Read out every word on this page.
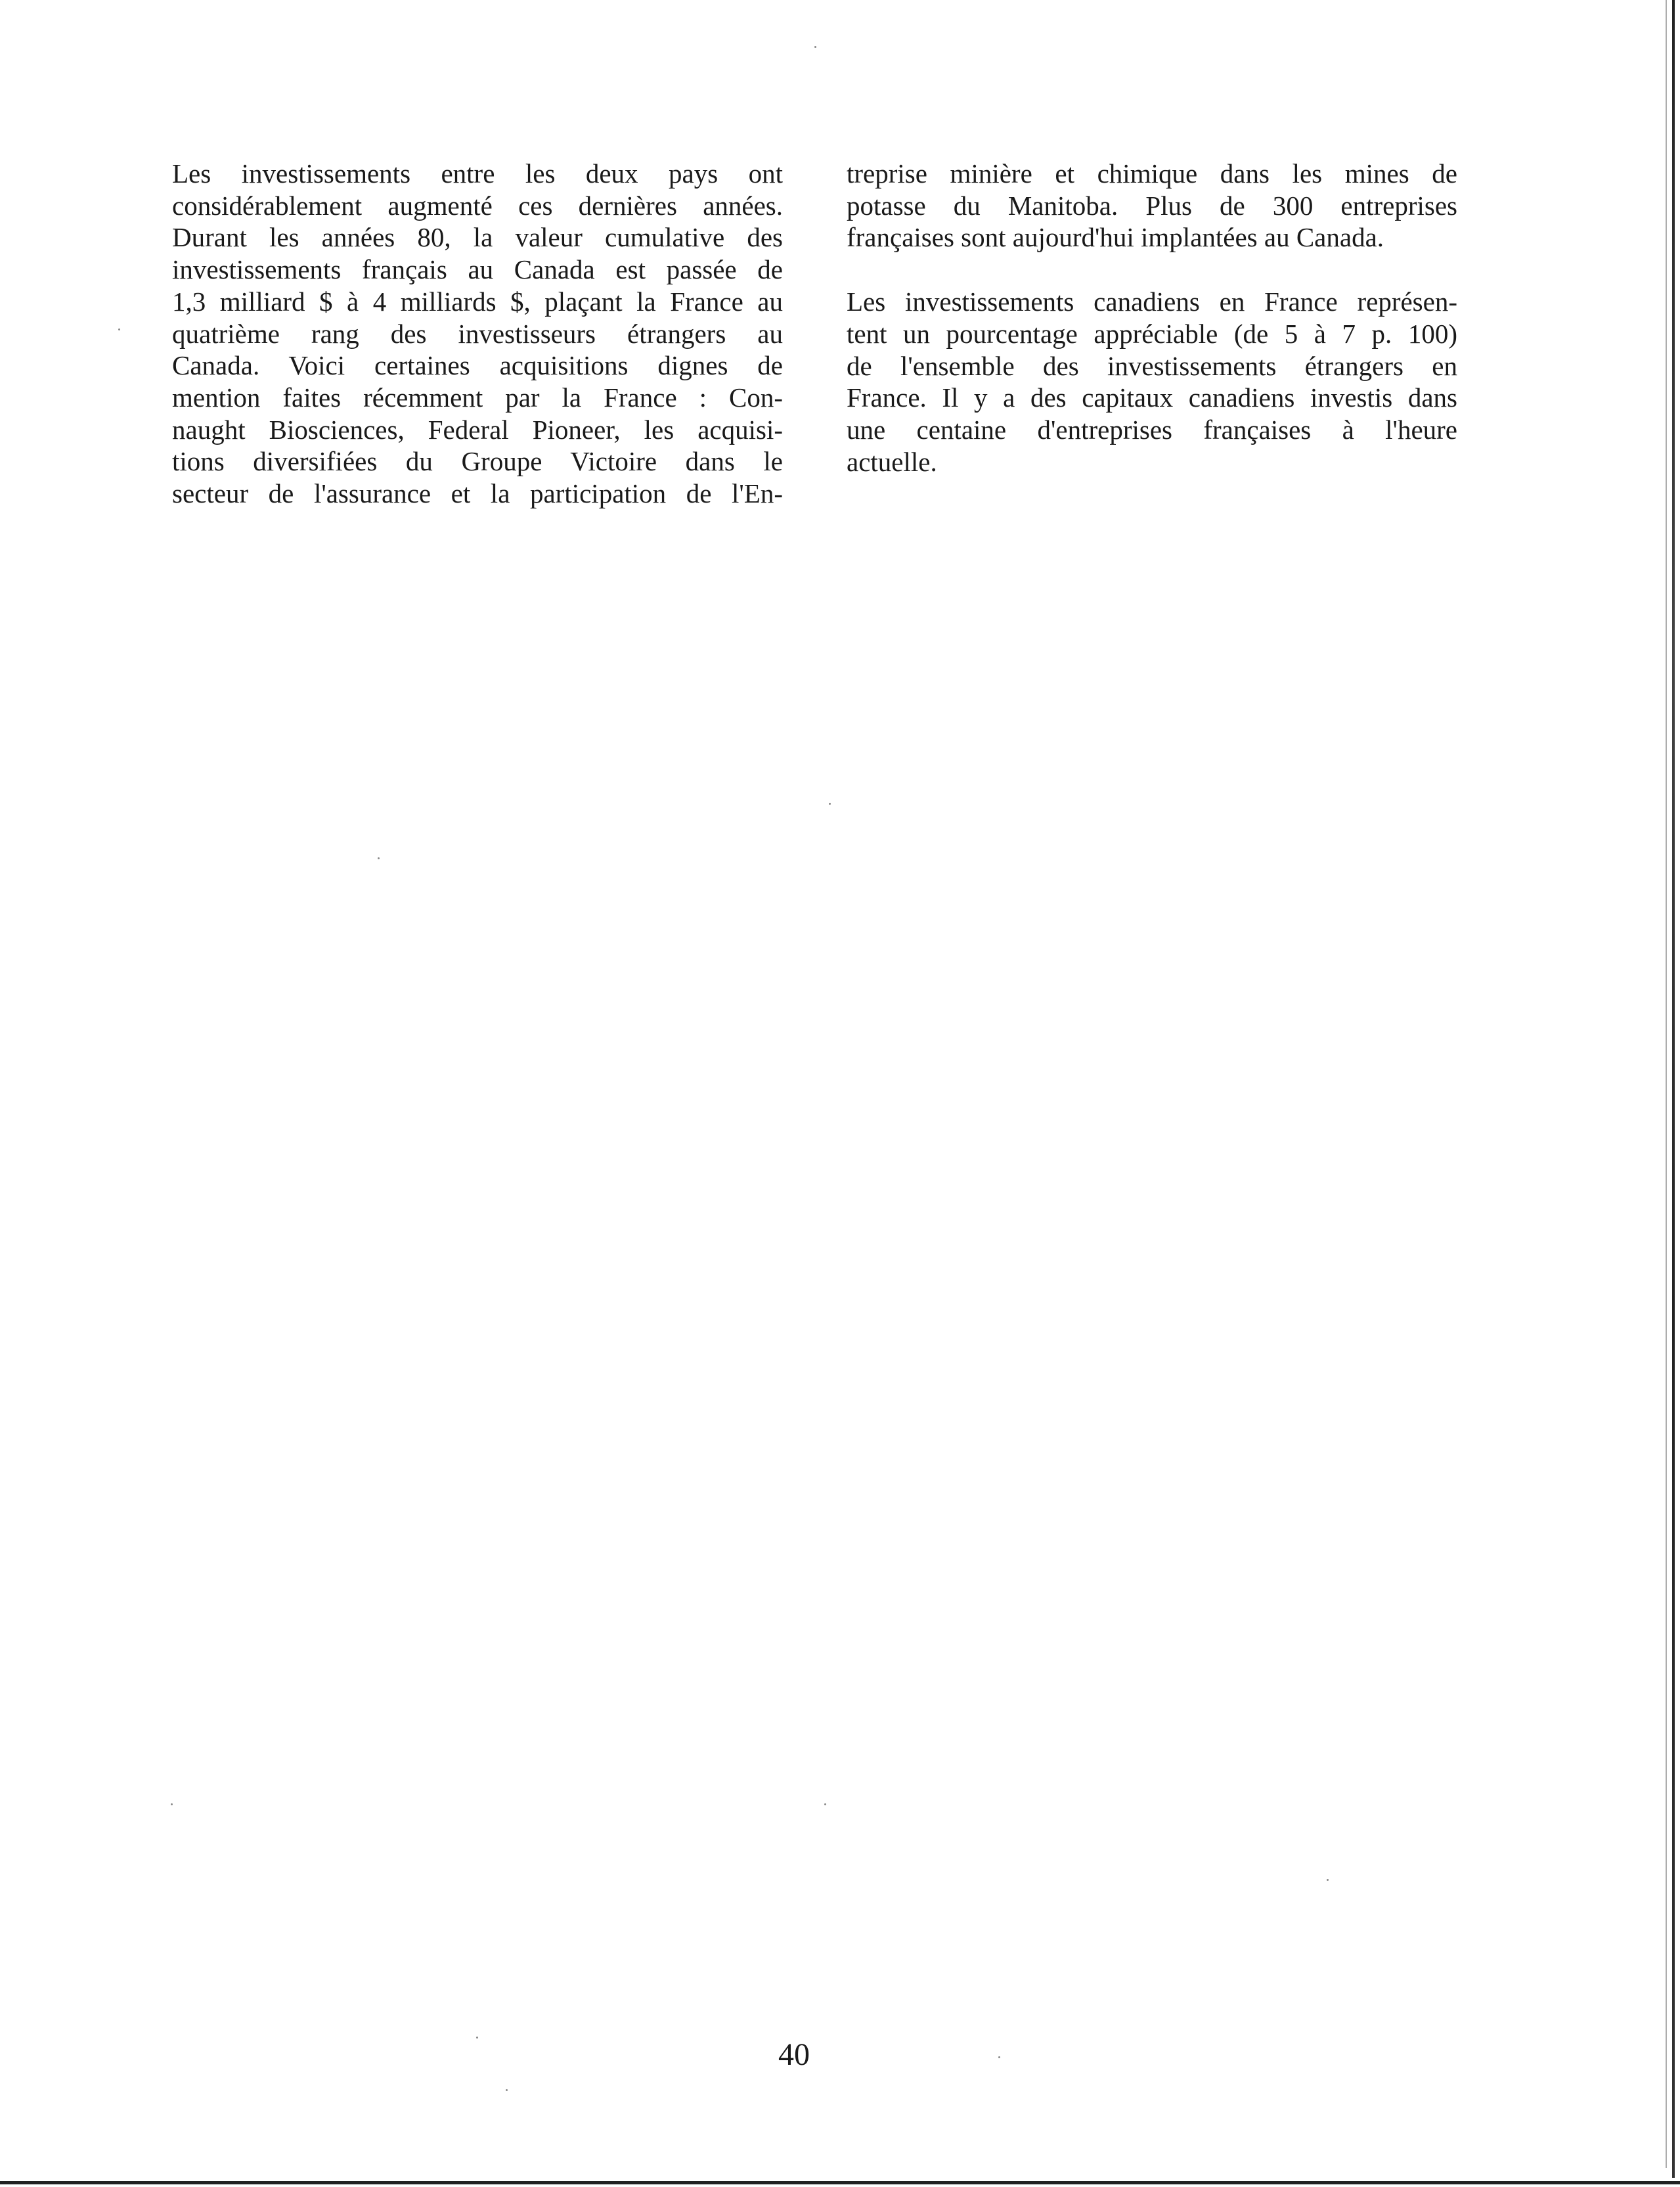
Les investissements entre les deux pays ont
considérablement augmenté ces dernières années.
Durant les années 80, la valeur cumulative des
investissements français au Canada est passée de
1,3 milliard $ à 4 milliards $, plaçant la France au
quatrième rang des investisseurs étrangers au
Canada. Voici certaines acquisitions dignes de
mention faites récemment par la France : Con-
naught Biosciences, Federal Pioneer, les acquisi-
tions diversifiées du Groupe Victoire dans le
secteur de l'assurance et la participation de l'En-
treprise minière et chimique dans les mines de
potasse du Manitoba. Plus de 300 entreprises
françaises sont aujourd'hui implantées au Canada.
Les investissements canadiens en France représen-
tent un pourcentage appréciable (de 5 à 7 p. 100)
de l'ensemble des investissements étrangers en
France. Il y a des capitaux canadiens investis dans
une centaine d'entreprises françaises à l'heure
actuelle.
40
